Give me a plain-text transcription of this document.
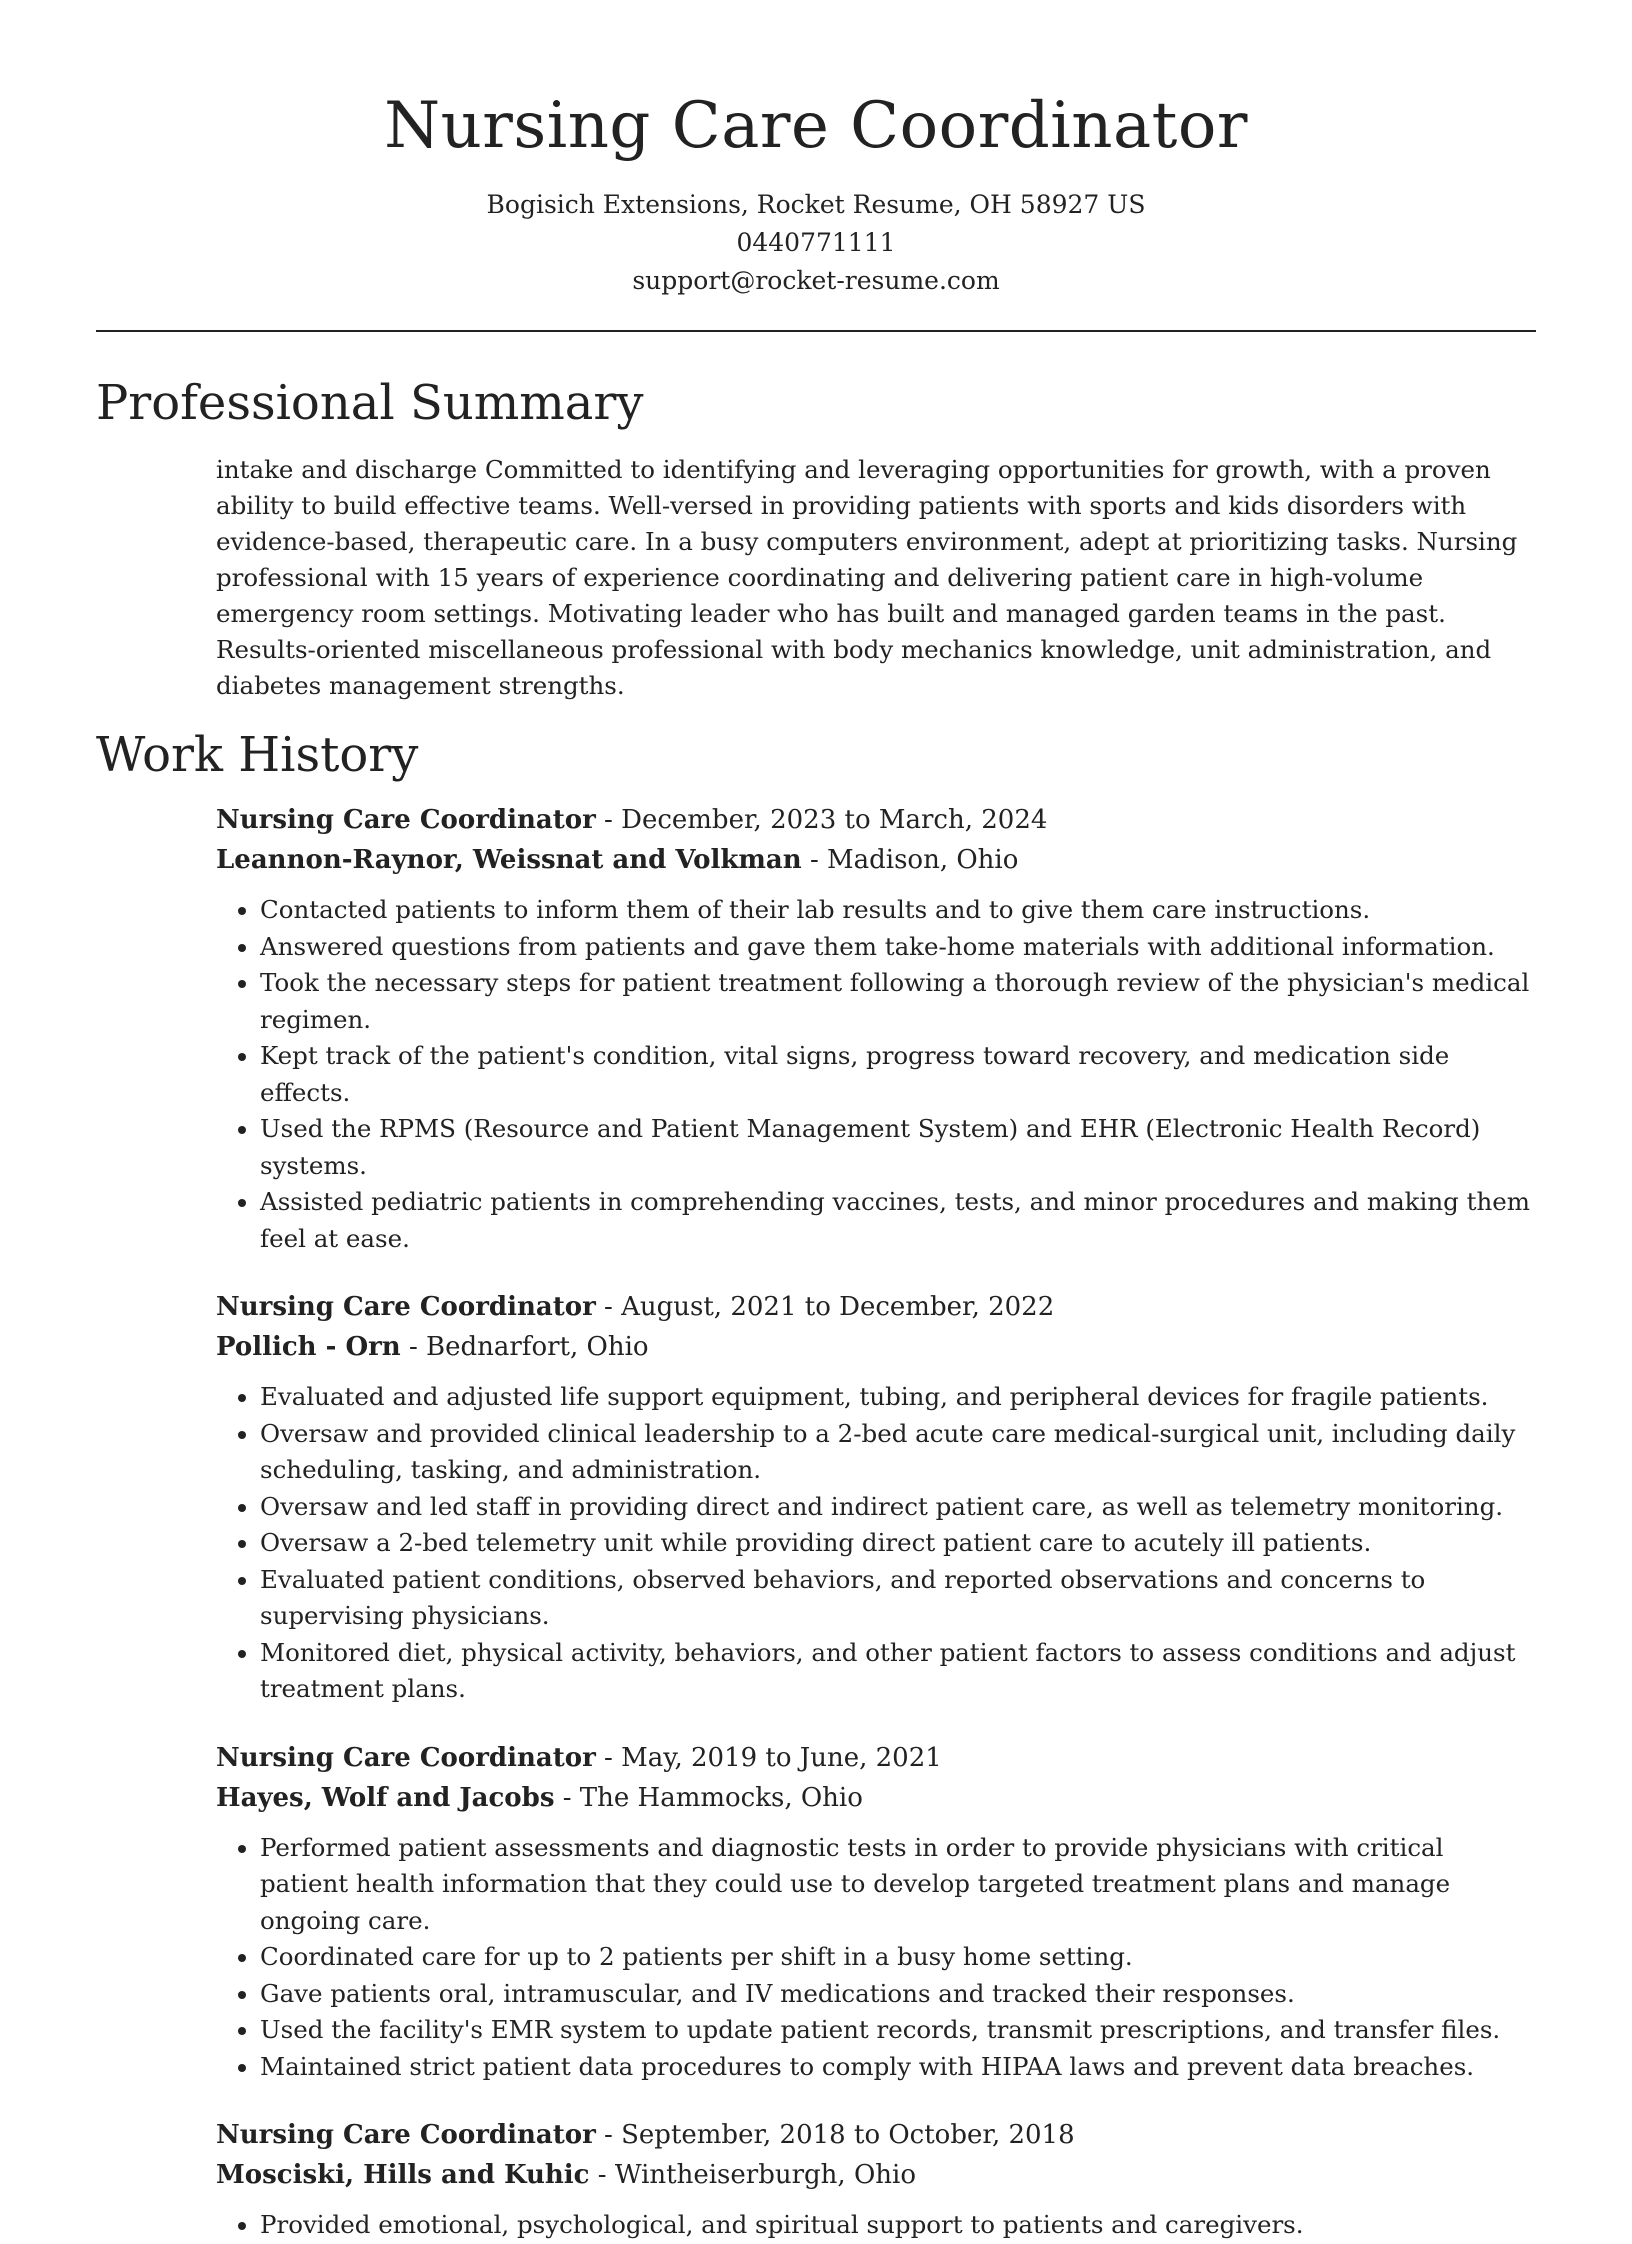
Nursing Care Coordinator
Bogisich Extensions, Rocket Resume, OH 58927 US
0440771111
support@rocket-resume.com
Professional Summary

intake and discharge Committed to identifying and leveraging opportunities for growth, with a proven ability to build effective teams. Well-versed in providing patients with sports and kids disorders with evidence-based, therapeutic care. In a busy computers environment, adept at prioritizing tasks. Nursing professional with 15 years of experience coordinating and delivering patient care in high-volume emergency room settings. Motivating leader who has built and managed garden teams in the past. Results-oriented miscellaneous professional with body mechanics knowledge, unit administration, and diabetes management strengths.

Work History
Nursing Care Coordinator - December, 2023 to March, 2024
Leannon-Raynor, Weissnat and Volkman - Madison, Ohio
• Contacted patients to inform them of their lab results and to give them care instructions.
• Answered questions from patients and gave them take-home materials with additional information.
• Took the necessary steps for patient treatment following a thorough review of the physician's medical regimen.
• Kept track of the patient's condition, vital signs, progress toward recovery, and medication side effects.
• Used the RPMS (Resource and Patient Management System) and EHR (Electronic Health Record) systems.
• Assisted pediatric patients in comprehending vaccines, tests, and minor procedures and making them feel at ease.
Nursing Care Coordinator - August, 2021 to December, 2022
Pollich - Orn - Bednarfort, Ohio
• Evaluated and adjusted life support equipment, tubing, and peripheral devices for fragile patients.
• Oversaw and provided clinical leadership to a 2-bed acute care medical-surgical unit, including daily scheduling, tasking, and administration.
• Oversaw and led staff in providing direct and indirect patient care, as well as telemetry monitoring.
• Oversaw a 2-bed telemetry unit while providing direct patient care to acutely ill patients.
• Evaluated patient conditions, observed behaviors, and reported observations and concerns to supervising physicians.
• Monitored diet, physical activity, behaviors, and other patient factors to assess conditions and adjust treatment plans.
Nursing Care Coordinator - May, 2019 to June, 2021
Hayes, Wolf and Jacobs - The Hammocks, Ohio
• Performed patient assessments and diagnostic tests in order to provide physicians with critical patient health information that they could use to develop targeted treatment plans and manage ongoing care.
• Coordinated care for up to 2 patients per shift in a busy home setting.
• Gave patients oral, intramuscular, and IV medications and tracked their responses.
• Used the facility's EMR system to update patient records, transmit prescriptions, and transfer files.
• Maintained strict patient data procedures to comply with HIPAA laws and prevent data breaches.
Nursing Care Coordinator - September, 2018 to October, 2018
Mosciski, Hills and Kuhic - Wintheiserburgh, Ohio
• Provided emotional, psychological, and spiritual support to patients and caregivers.
